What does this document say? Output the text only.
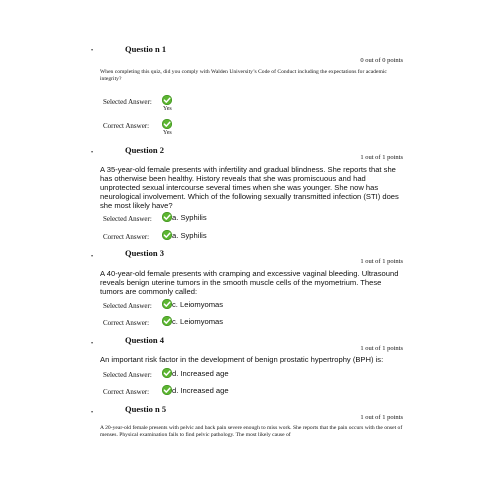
•	Questio n 1
0 out of 0 points
When completing this quiz, did you comply with Walden University’s Code of Conduct including the expectations for academic integrity?
Selected Answer:
Yes
Correct Answer:
Yes
•	Question 2
1 out of 1 points
A 35-year-old female presents with infertility and gradual blindness. She reports that she has otherwise been healthy. History reveals that she was promiscuous and had unprotected sexual intercourse several times when she was younger. She now has neurological involvement. Which of the following sexually transmitted infection (STI) does she most likely have?
Selected Answer:	a. Syphilis
Correct Answer:	a. Syphilis
•	Question 3
1 out of 1 points
A 40-year-old female presents with cramping and excessive vaginal bleeding. Ultrasound reveals benign uterine tumors in the smooth muscle cells of the myometrium. These tumors are commonly called:
Selected Answer:	c. Leiomyomas
Correct Answer:	c. Leiomyomas
•	Question 4
1 out of 1 points
An important risk factor in the development of benign prostatic hypertrophy (BPH) is:
Selected Answer:	d. Increased age
Correct Answer:	d. Increased age
•	Questio n 5
1 out of 1 points
A 20-year-old female presents with pelvic and back pain severe enough to miss work. She reports that the pain occurs with the onset of menses. Physical examination fails to find pelvic pathology. The most likely cause of
